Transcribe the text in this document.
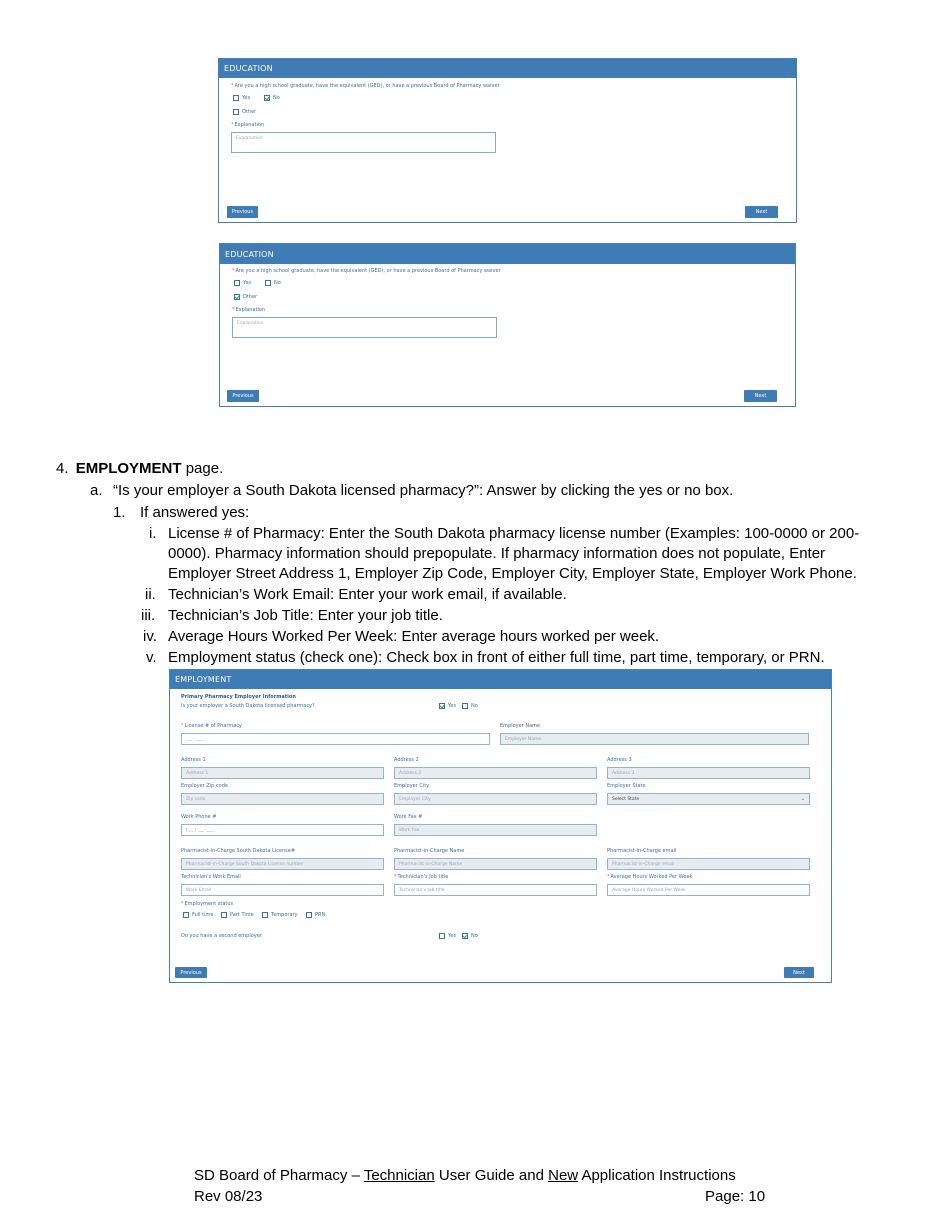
EDUCATION
*Are you a high school graduate, have the equivalent (GED), or have a previous Board of Pharmacy waiver
Yes	No
Other
*Explanation
Explanation
Previous	Next
EDUCATION
*Are you a high school graduate, have the equivalent (GED), or have a previous Board of Pharmacy waiver
Yes	No
Other
*Explanation
Explanation
Previous	Next
4. EMPLOYMENT page.
a. “Is your employer a South Dakota licensed pharmacy?”: Answer by clicking the yes or no box.
1. If answered yes:
i. License # of Pharmacy: Enter the South Dakota pharmacy license number (Examples: 100-0000 or 200-0000). Pharmacy information should prepopulate. If pharmacy information does not populate, Enter Employer Street Address 1, Employer Zip Code, Employer City, Employer State, Employer Work Phone.
ii. Technician’s Work Email: Enter your work email, if available.
iii. Technician’s Job Title: Enter your job title.
iv. Average Hours Worked Per Week: Enter average hours worked per week.
v. Employment status (check one): Check box in front of either full time, part time, temporary, or PRN.
EMPLOYMENT
Primary Pharmacy Employer Information
Is your employer a South Dakota licensed pharmacy?	Yes	No
*License # of Pharmacy
___-____
Employer Name
Employer Name
Address 1
Address 1
Address 2
Address 2
Address 3
Address 3
Employer Zip code
Zip code
Employer City
Employer City
Employer State
Select State	⌄
Work Phone #
(___) ___-____
Work Fax #
Work Fax
Pharmacist-in-Charge South Dakota License#
Pharmacist-in-Charge South Dakota License number
Pharmacist-in-Charge Name
Pharmacist-in-Charge Name
Pharmacist-in-Charge email
Pharmacist-in-Charge email
Technician's Work Email
Work Email
*Technician's Job title
Technician's Job title
*Average Hours Worked Per Week
Average Hours Worked Per Week
*Employment status
Full time	Part Time	Temporary	PRN
Do you have a second employer	Yes	No
Previous	Next
SD Board of Pharmacy – Technician User Guide and New Application Instructions
Rev 08/23	Page: 10
